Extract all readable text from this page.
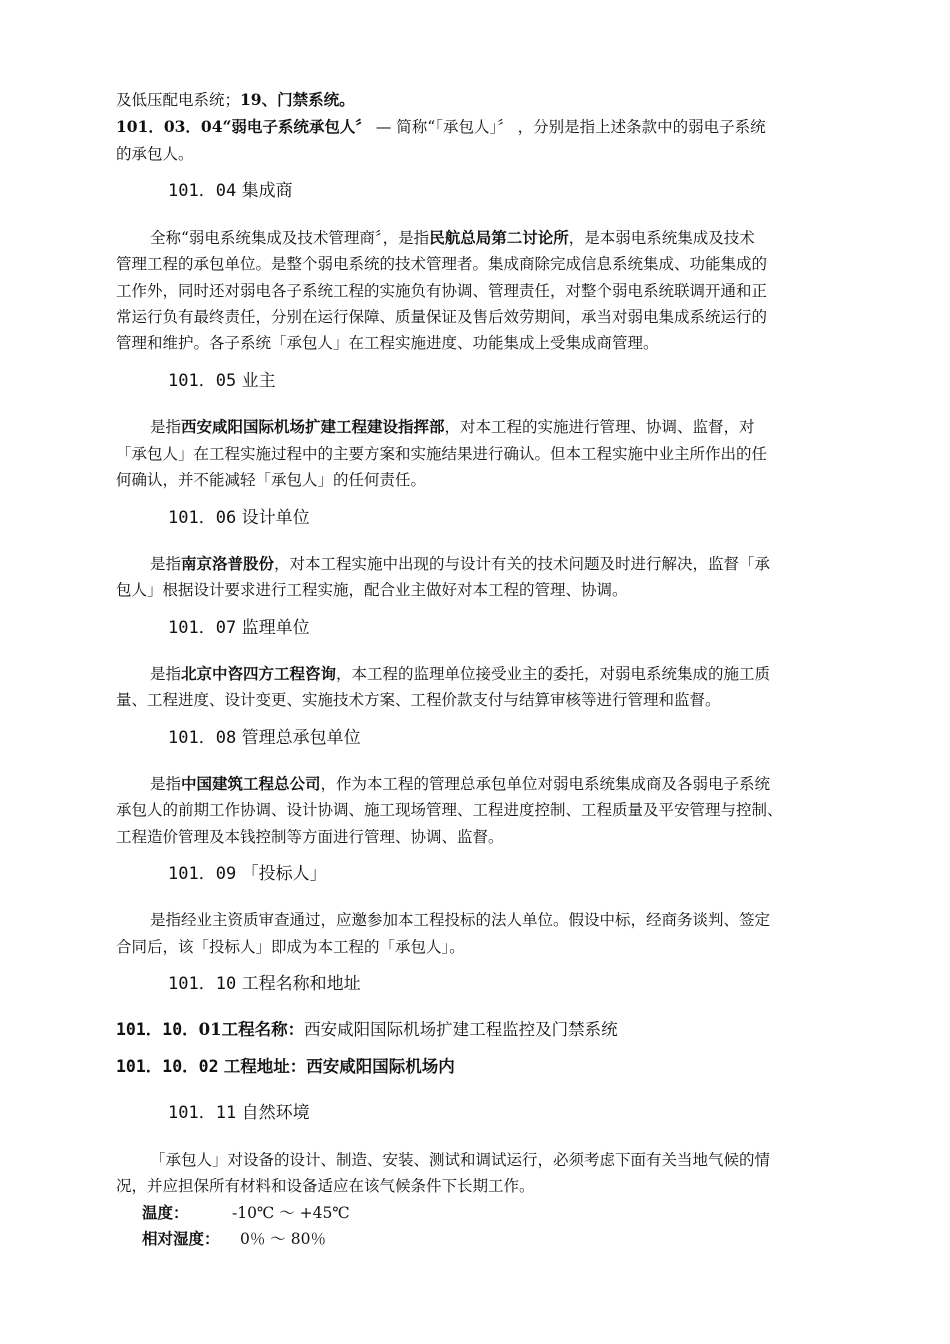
及低压配电系统；19、门禁系统。
101．03．04“弱电子系统承包人〞 — 简称“「承包人」〞 ，分别是指上述条款中的弱电子系统
的承包人。
101．04 集成商
全称“弱电系统集成及技术管理商〞，是指民航总局第二讨论所，是本弱电系统集成及技术
管理工程的承包单位。是整个弱电系统的技术管理者。集成商除完成信息系统集成、功能集成的
工作外，同时还对弱电各子系统工程的实施负有协调、管理责任，对整个弱电系统联调开通和正
常运行负有最终责任，分别在运行保障、质量保证及售后效劳期间，承当对弱电集成系统运行的
管理和维护。各子系统「承包人」在工程实施进度、功能集成上受集成商管理。
101．05 业主
是指西安咸阳国际机场扩建工程建设指挥部，对本工程的实施进行管理、协调、监督，对
「承包人」在工程实施过程中的主要方案和实施结果进行确认。但本工程实施中业主所作出的任
何确认，并不能减轻「承包人」的任何责任。
101．06 设计单位
是指南京洛普股份，对本工程实施中出现的与设计有关的技术问题及时进行解决，监督「承
包人」根据设计要求进行工程实施，配合业主做好对本工程的管理、协调。
101．07 监理单位
是指北京中咨四方工程咨询，本工程的监理单位接受业主的委托，对弱电系统集成的施工质
量、工程进度、设计变更、实施技术方案、工程价款支付与结算审核等进行管理和监督。
101．08 管理总承包单位
是指中国建筑工程总公司，作为本工程的管理总承包单位对弱电系统集成商及各弱电子系统
承包人的前期工作协调、设计协调、施工现场管理、工程进度控制、工程质量及平安管理与控制、
工程造价管理及本钱控制等方面进行管理、协调、监督。
101．09 「投标人」
是指经业主资质审查通过，应邀参加本工程投标的法人单位。假设中标，经商务谈判、签定
合同后，该「投标人」即成为本工程的「承包人」。
101．10 工程名称和地址
101．10．01工程名称：西安咸阳国际机场扩建工程监控及门禁系统
101．10．02 工程地址：西安咸阳国际机场内
101．11 自然环境
「承包人」对设备的设计、制造、安装、测试和调试运行，必须考虑下面有关当地气候的情
况，并应担保所有材料和设备适应在该气候条件下长期工作。
温度：	-10℃ ～ +45℃
相对湿度： 0％ ～ 80％
